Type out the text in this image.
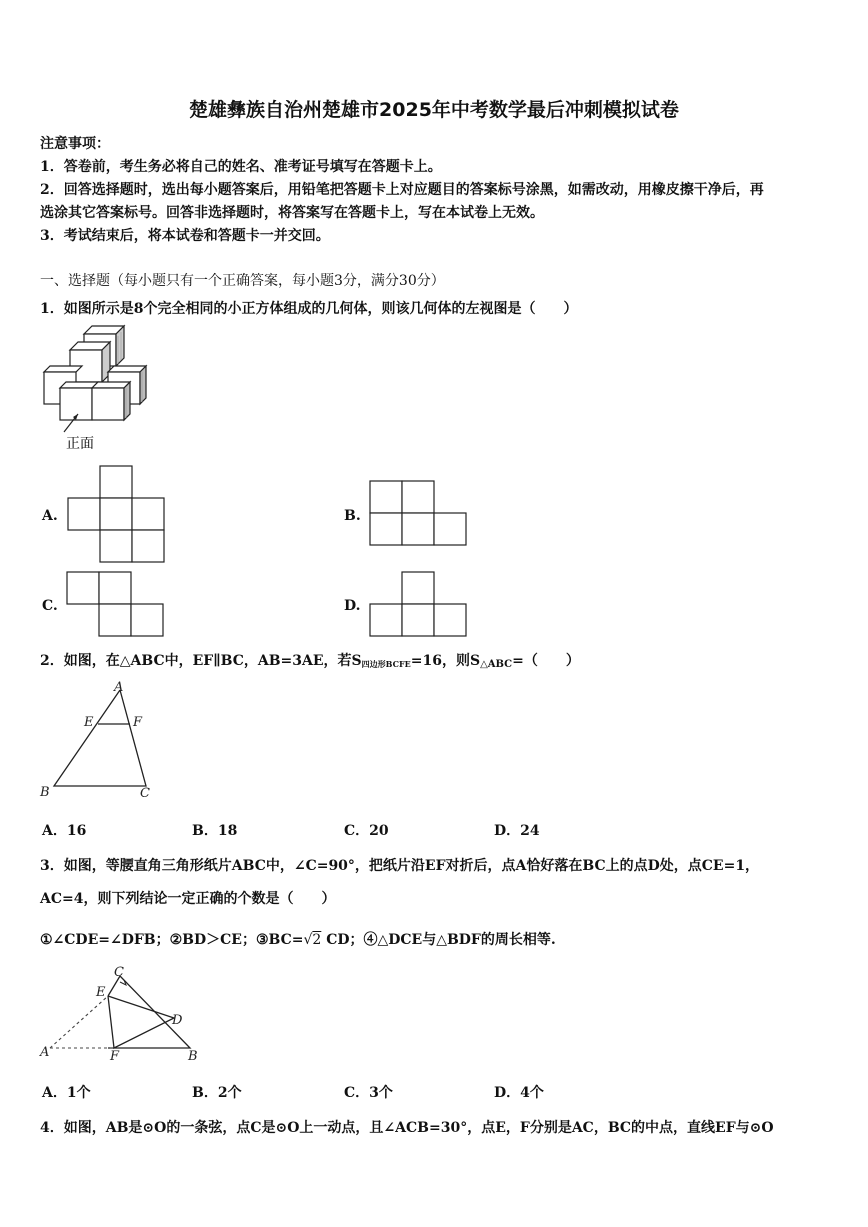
楚雄彝族自治州楚雄市2025年中考数学最后冲刺模拟试卷
注意事项：
1．答卷前，考生务必将自己的姓名、准考证号填写在答题卡上。
2．回答选择题时，选出每小题答案后，用铅笔把答题卡上对应题目的答案标号涂黑，如需改动，用橡皮擦干净后，再
选涂其它答案标号。回答非选择题时，将答案写在答题卡上，写在本试卷上无效。
3．考试结束后，将本试卷和答题卡一并交回。
一、选择题（每小题只有一个正确答案，每小题3分，满分30分）
1．如图所示是8个完全相同的小正方体组成的几何体，则该几何体的左视图是（　　）
正面
A.	B.
C.	D.
2．如图，在△ABC中，EF∥BC，AB=3AE，若$S_{四边形BCFE}=16$，则S△ABC=（　　）
A
E	F
B	C
A．16	B．18	C．20	D．24
3．如图，等腰直角三角形纸片ABC中，∠C=90°，把纸片沿EF对折后，点A恰好落在BC上的点D处，点CE=1，
AC=4，则下列结论一定正确的个数是（　　）
①∠CDE=∠DFB；②BD＞CE；③BC=√2 CD；④△DCE与△BDF的周长相等.
C
E
D
A	F	B
A．1个	B．2个	C．3个	D．4个
4．如图，AB是⊙O的一条弦，点C是⊙O上一动点，且∠ACB=30°，点E，F分别是AC，BC的中点，直线EF与⊙O
